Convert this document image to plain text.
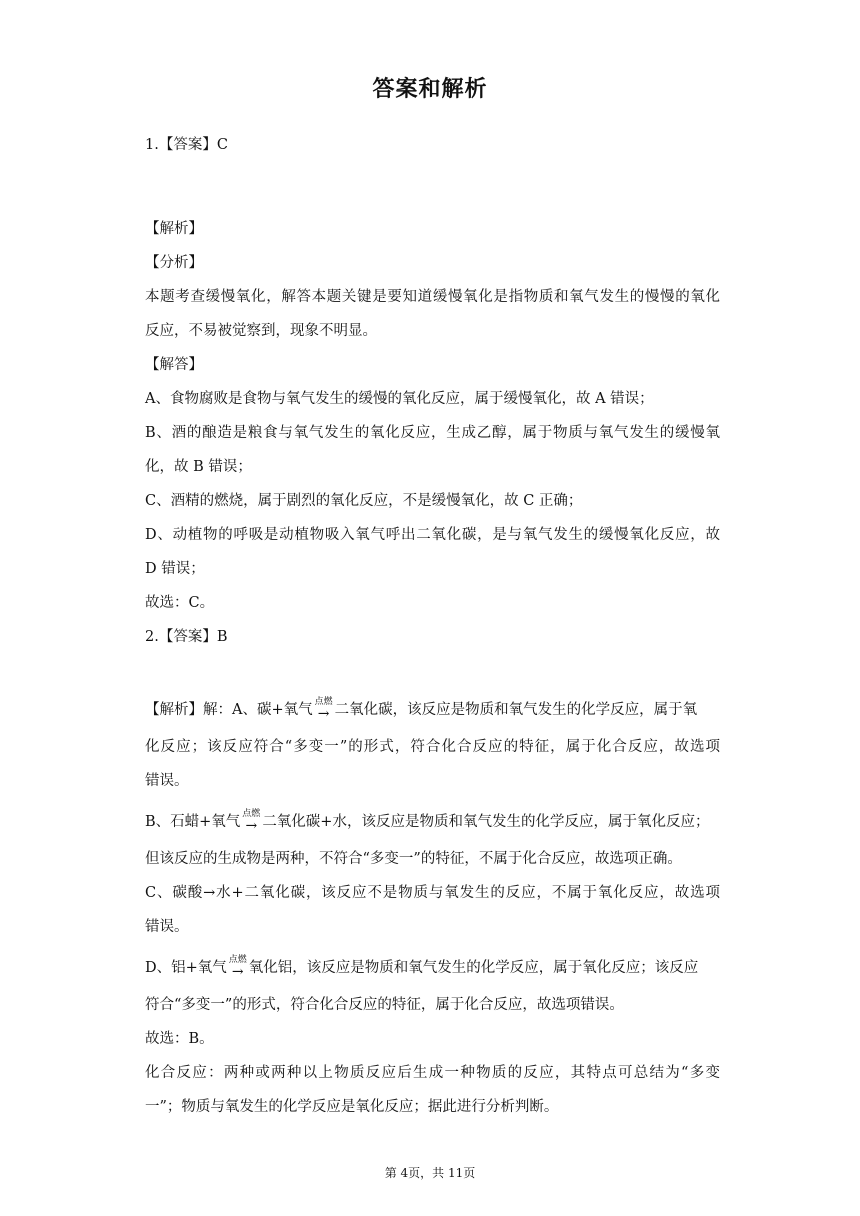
答案和解析
1.【答案】C
【解析】
【分析】
本题考查缓慢氧化，解答本题关键是要知道缓慢氧化是指物质和氧气发生的慢慢的氧化
反应，不易被觉察到，现象不明显。
【解答】
A、食物腐败是食物与氧气发生的缓慢的氧化反应，属于缓慢氧化，故 A 错误；
B、酒的酿造是粮食与氧气发生的氧化反应，生成乙醇，属于物质与氧气发生的缓慢氧
化，故 B 错误；
C、酒精的燃烧，属于剧烈的氧化反应，不是缓慢氧化，故 C 正确；
D、动植物的呼吸是动植物吸入氧气呼出二氧化碳，是与氧气发生的缓慢氧化反应，故
D 错误；
故选：C。
2.【答案】B
【解析】解：A、碳+氧气 点燃
→ 二氧化碳，该反应是物质和氧气发生的化学反应，属于氧
化反应；该反应符合“多变一”的形式，符合化合反应的特征，属于化合反应，故选项
错误。
B、石蜡+氧气 点燃
→ 二氧化碳+水，该反应是物质和氧气发生的化学反应，属于氧化反应；
但该反应的生成物是两种，不符合“多变一”的特征，不属于化合反应，故选项正确。
C、碳酸→水+二氧化碳，该反应不是物质与氧发生的反应，不属于氧化反应，故选项
错误。
D、铝+氧气 点燃
→ 氧化铝，该反应是物质和氧气发生的化学反应，属于氧化反应；该反应
符合“多变一”的形式，符合化合反应的特征，属于化合反应，故选项错误。
故选：B。
化合反应：两种或两种以上物质反应后生成一种物质的反应，其特点可总结为“多变
一”；物质与氧发生的化学反应是氧化反应；据此进行分析判断。
第 4页，共 11页
